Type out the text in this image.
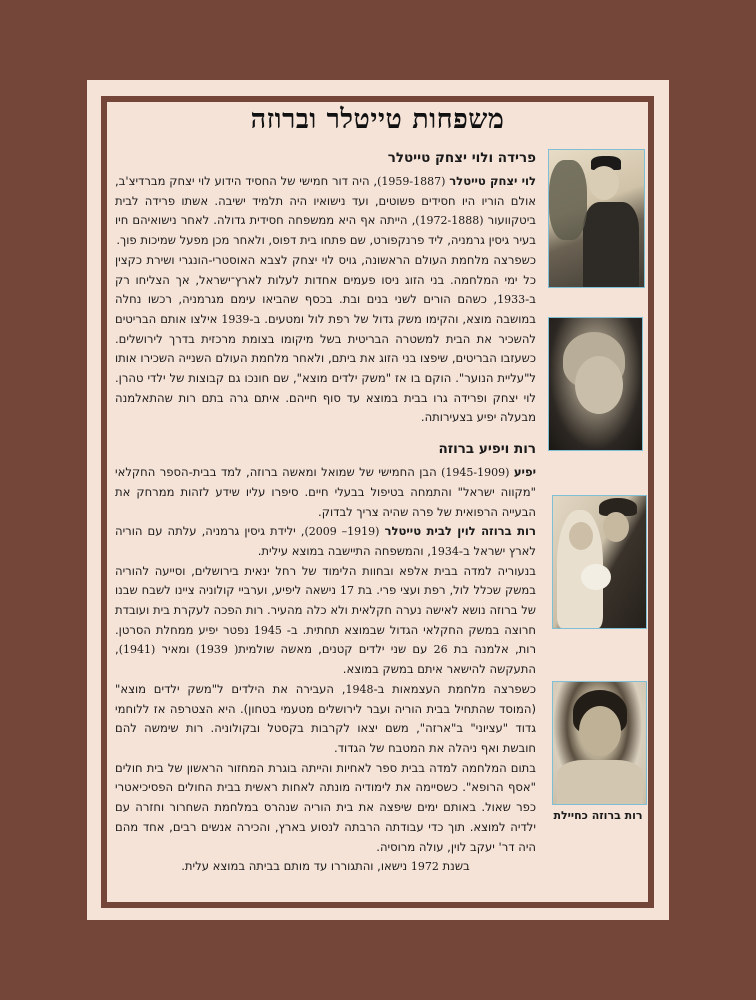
משפחות טייטלר וברוזה

פרידה ולוי יצחק טייטלר

לוי יצחק טייטלר (1959-1887), היה דור חמישי של החסיד הידוע לוי יצחק מברדיצ'ב, אולם הוריו היו חסידים פשוטים, ועד נישואיו היה תלמיד ישיבה. אשתו פרידה לבית ביטקוועור (1972-1888), הייתה אף היא ממשפחה חסידית גדולה. לאחר נישואיהם חיו בעיר גיסין גרמניה, ליד פרנקפורט, שם פתחו בית דפוס, ולאחר מכן מפעל שמיכות פוך.

כשפרצה מלחמת העולם הראשונה, גויס לוי יצחק לצבא האוסטרי-הונגרי ושירת כקצין כל ימי המלחמה. בני הזוג ניסו פעמים אחדות לעלות לארץ־ישראל, אך הצליחו רק ב-1933, כשהם הורים לשני בנים ובת. בכסף שהביאו עימם מגרמניה, רכשו נחלה במושבה מוצא, והקימו משק גדול של רפת לול ומטעים. ב-1939 אילצו אותם הבריטים להשכיר את הבית למשטרה הבריטית בשל מיקומו בצומת מרכזית בדרך לירושלים. כשעזבו הבריטים, שיפצו בני הזוג את ביתם, ולאחר מלחמת העולם השנייה השכירו אותו ל"עליית הנוער". הוקם בו אז "משק ילדים מוצא", שם חונכו גם קבוצות של ילדי טהרן. לוי יצחק ופרידה גרו בבית במוצא עד סוף חייהם. איתם גרה בתם רות שהתאלמנה מבעלה יפיע בצעירותה.

רות ויפיע ברוזה

יפיע (1945-1909) הבן החמישי של שמואל ומאשה ברוזה, למד בבית-הספר החקלאי "מקווה ישראל" והתמחה בטיפול בבעלי חיים. סיפרו עליו שידע לזהות ממרחק את הבעייה הרפואית של פרה שהיה צריך לבדוק.

רות ברוזה לוין לבית טייטלר (1919– 2009), ילידת גיסין גרמניה, עלתה עם הוריה לארץ ישראל ב-1934, והמשפחה התיישבה במוצא עילית.

בנעוריה למדה בבית אלפא ובחוות הלימוד של רחל ינאית בירושלים, וסייעה להוריה במשק שכלל לול, רפת ועצי פרי. בת 17 נישאה ליפיע, וערביי קולוניה ציינו לשבח שבנו של ברוזה נושא לאישה נערה חקלאית ולא כלה מהעיר. רות הפכה לעקרת בית ועובדת חרוצה במשק החקלאי הגדול שבמוצא תחתית. ב- 1945 נפטר יפיע ממחלת הסרטן. רות, אלמנה בת 26 עם שני ילדים קטנים, מאשה שולמית( 1939) ומאיר (1941), התעקשה להישאר איתם במשק במוצא.

כשפרצה מלחמת העצמאות ב-1948, העבירה את הילדים ל"משק ילדים מוצא" (המוסד שהתחיל בבית הוריה ועבר לירושלים מטעמי בטחון). היא הצטרפה אז ללוחמי גדוד "עציוני" ב"ארזה", משם יצאו לקרבות בקסטל ובקולוניה. רות שימשה להם חובשת ואף ניהלה את המטבח של הגדוד.

בתום המלחמה למדה בבית ספר לאחיות והייתה בוגרת המחזור הראשון של בית חולים "אסף הרופא". כשסיימה את לימודיה מונתה לאחות ראשית בבית החולים הפסיכיאטרי כפר שאול. באותם ימים שיפצה את בית הוריה שנהרס במלחמת השחרור וחזרה עם ילדיה למוצא. תוך כדי עבודתה הרבתה לנסוע בארץ, והכירה אנשים רבים, אחד מהם היה דר' יעקב לוין, עולה מרוסיה.

בשנת 1972 נישאו, והתגוררו עד מותם בביתה במוצא עלית.

רות ברוזה כחיילת
